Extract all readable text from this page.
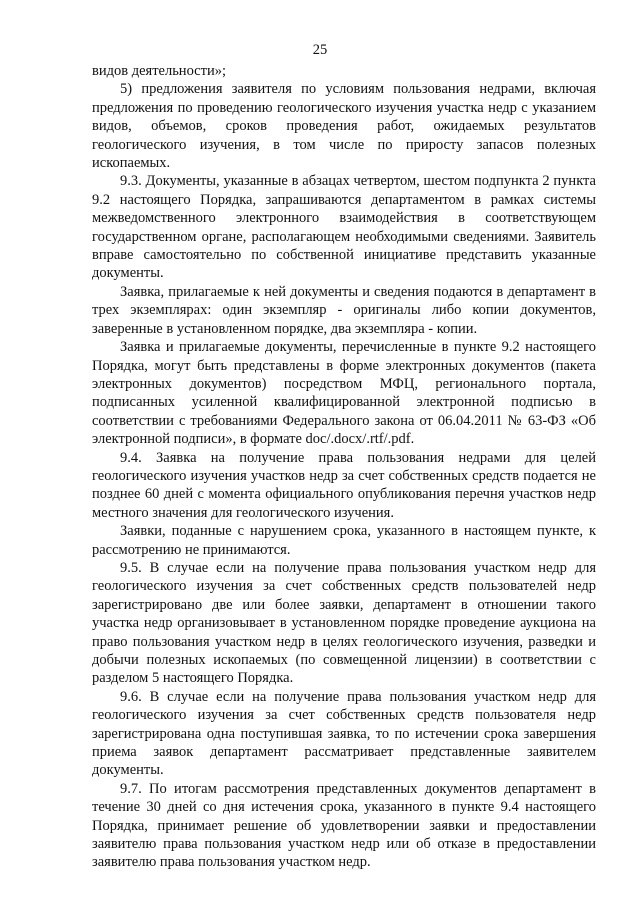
25

видов деятельности»;

5) предложения заявителя по условиям пользования недрами, включая предложения по проведению геологического изучения участка недр с указанием видов, объемов, сроков проведения работ, ожидаемых результатов геологического изучения, в том числе по приросту запасов полезных ископаемых.

9.3. Документы, указанные в абзацах четвертом, шестом подпункта 2 пункта 9.2 настоящего Порядка, запрашиваются департаментом в рамках системы межведомственного электронного взаимодействия в соответствующем государственном органе, располагающем необходимыми сведениями. Заявитель вправе самостоятельно по собственной инициативе представить указанные документы.

Заявка, прилагаемые к ней документы и сведения подаются в департамент в трех экземплярах: один экземпляр - оригиналы либо копии документов, заверенные в установленном порядке, два экземпляра - копии.

Заявка и прилагаемые документы, перечисленные в пункте 9.2 настоящего Порядка, могут быть представлены в форме электронных документов (пакета электронных документов) посредством МФЦ, регионального портала, подписанных усиленной квалифицированной электронной подписью в соответствии с требованиями Федерального закона от 06.04.2011 № 63-ФЗ «Об электронной подписи», в формате doc/.docx/.rtf/.pdf.

9.4. Заявка на получение права пользования недрами для целей геологического изучения участков недр за счет собственных средств подается не позднее 60 дней с момента официального опубликования перечня участков недр местного значения для геологического изучения.

Заявки, поданные с нарушением срока, указанного в настоящем пункте, к рассмотрению не принимаются.

9.5. В случае если на получение права пользования участком недр для геологического изучения за счет собственных средств пользователей недр зарегистрировано две или более заявки, департамент в отношении такого участка недр организовывает в установленном порядке проведение аукциона на право пользования участком недр в целях геологического изучения, разведки и добычи полезных ископаемых (по совмещенной лицензии) в соответствии с разделом 5 настоящего Порядка.

9.6. В случае если на получение права пользования участком недр для геологического изучения за счет собственных средств пользователя недр зарегистрирована одна поступившая заявка, то по истечении срока завершения приема заявок департамент рассматривает представленные заявителем документы.

9.7. По итогам рассмотрения представленных документов департамент в течение 30 дней со дня истечения срока, указанного в пункте 9.4 настоящего Порядка, принимает решение об удовлетворении заявки и предоставлении заявителю права пользования участком недр или об отказе в предоставлении заявителю права пользования участком недр.
